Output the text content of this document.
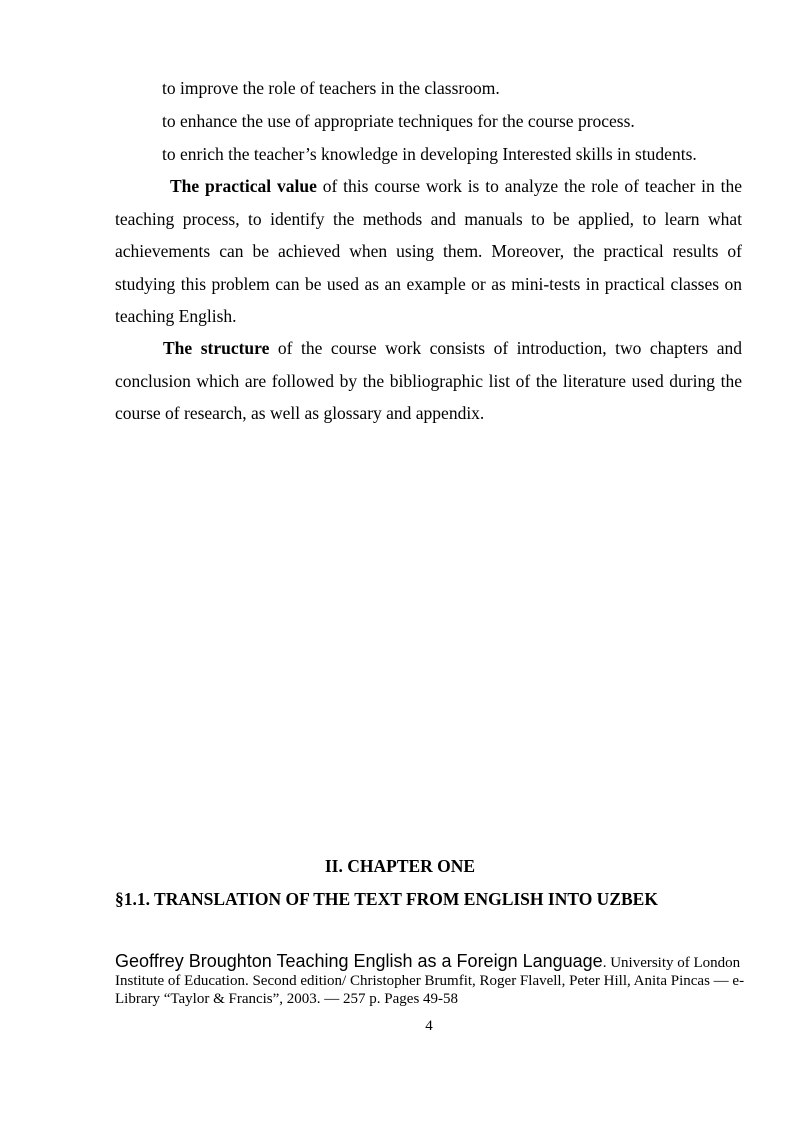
to improve the role of teachers in the classroom.
to enhance the use of appropriate techniques for the course process.
to enrich the teacher’s knowledge in developing Interested skills in students.
The practical value of this course work is to analyze the role of teacher in the teaching process, to identify the methods and manuals to be applied, to learn what achievements can be achieved when using them. Moreover, the practical results of studying this problem can be used as an example or as mini-tests in practical classes on teaching English.
The structure of the course work consists of introduction, two chapters and conclusion which are followed by the bibliographic list of the literature used during the course of research, as well as glossary and appendix.
II. CHAPTER ONE
§1.1. TRANSLATION OF THE TEXT FROM ENGLISH INTO UZBEK
Geoffrey Broughton Teaching English as a Foreign Language. University of London Institute of Education. Second edition/ Christopher Brumfit, Roger Flavell, Peter Hill, Anita Pincas — e-Library “Taylor & Francis”, 2003. — 257 p. Pages 49-58
4
